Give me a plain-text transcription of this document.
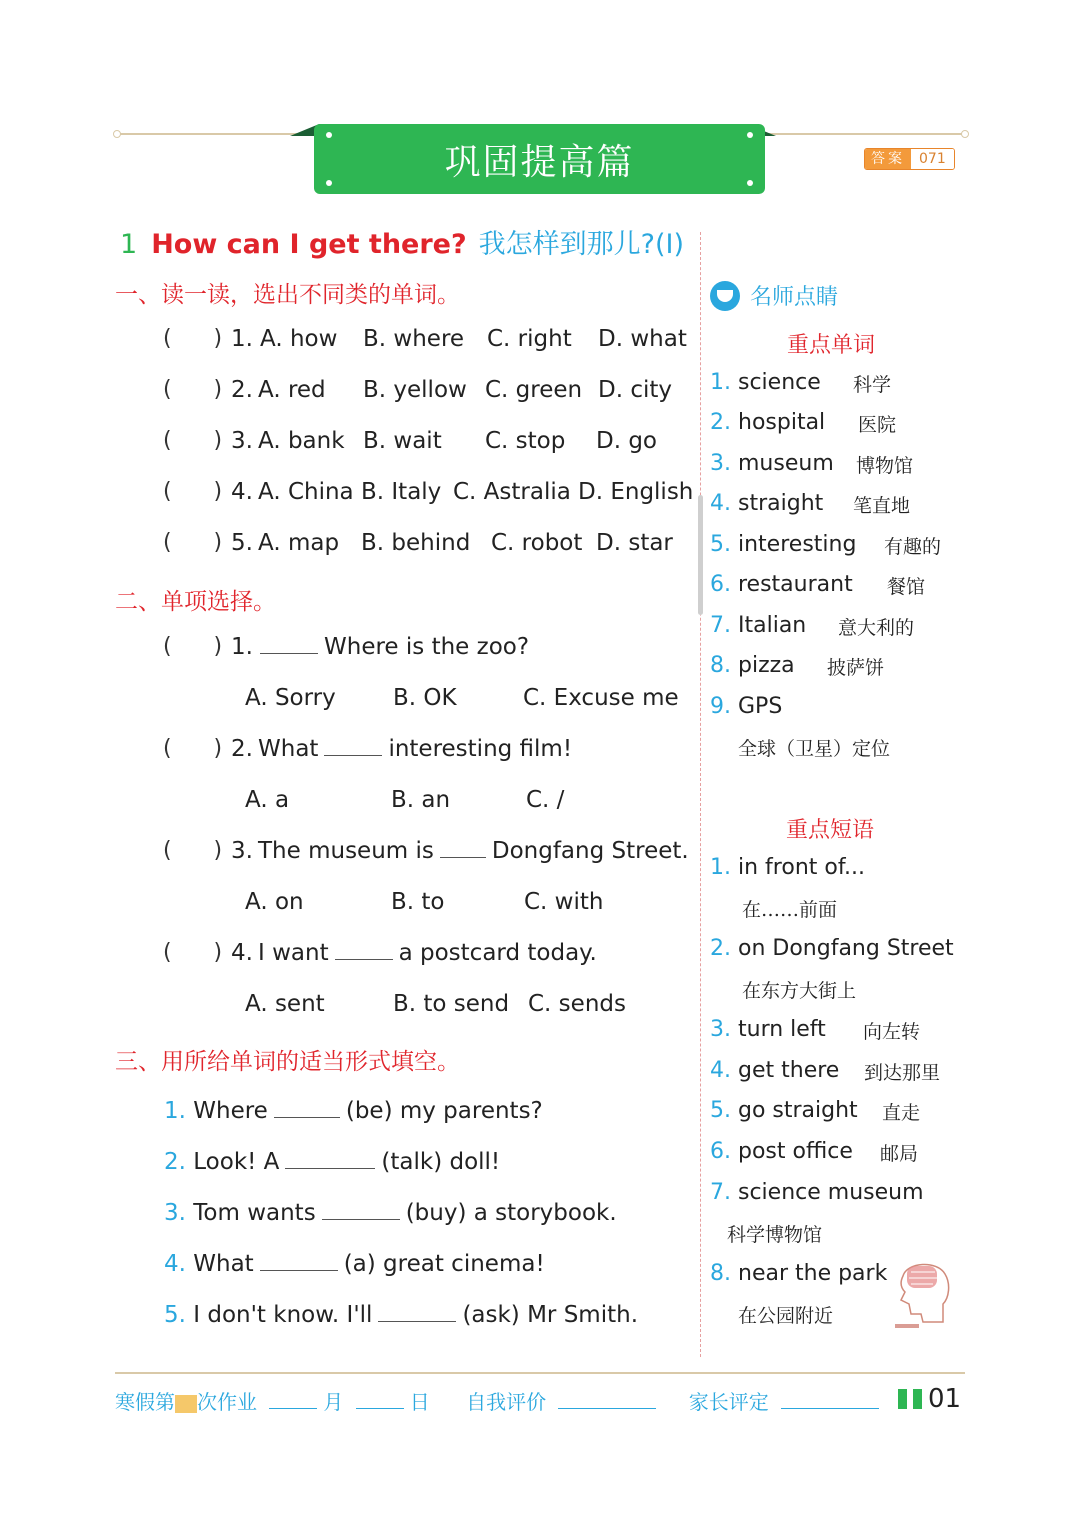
巩固提高篇	答案	071
1 How can I get there? 我怎样到那儿?(Ⅰ)
一、读一读，选出不同类的单词。
(      ) 1. A. how B. where C. right D. what
(      ) 2. A. red B. yellow C. green D. city
(      ) 3. A. bank B. wait C. stop D. go
(      ) 4. A. China B. Italy C. Astralia D. English
(      ) 5. A. map B. behind C. robot D. star
二、单项选择。
(      ) 1.	Where is the zoo?
A. Sorry B. OK	C. Excuse me
(      ) 2. What	interesting film!
A. a	B. an	C. /
(      ) 3. The museum is	Dongfang Street.
A. on	B. to	C. with
(      ) 4. I want	a postcard today.
A. sent	B. to send C. sends
三、用所给单词的适当形式填空。
1. Where	(be) my parents?
2. Look! A	(talk) doll!
3. Tom wants	(buy) a storybook.
4. What	(a) great cinema!
5. I don't know. I'll	(ask) Mr Smith.
名师点睛
重点单词
1. science 科学
2. hospital 医院
3. museum 博物馆
4. straight 笔直地
5. interesting 有趣的
6. restaurant 餐馆
7. Italian 意大利的
8. pizza 披萨饼
9. GPS
全球（卫星）定位
重点短语
1. in front of...
在……前面
2. on Dongfang Street
在东方大街上
3. turn left 向左转
4. get there 到达那里
5. go straight 直走
6. post office 邮局
7. science museum
科学博物馆
8. near the park
在公园附近
寒假第 次作业	月	日 自我评价	家长评定	01
